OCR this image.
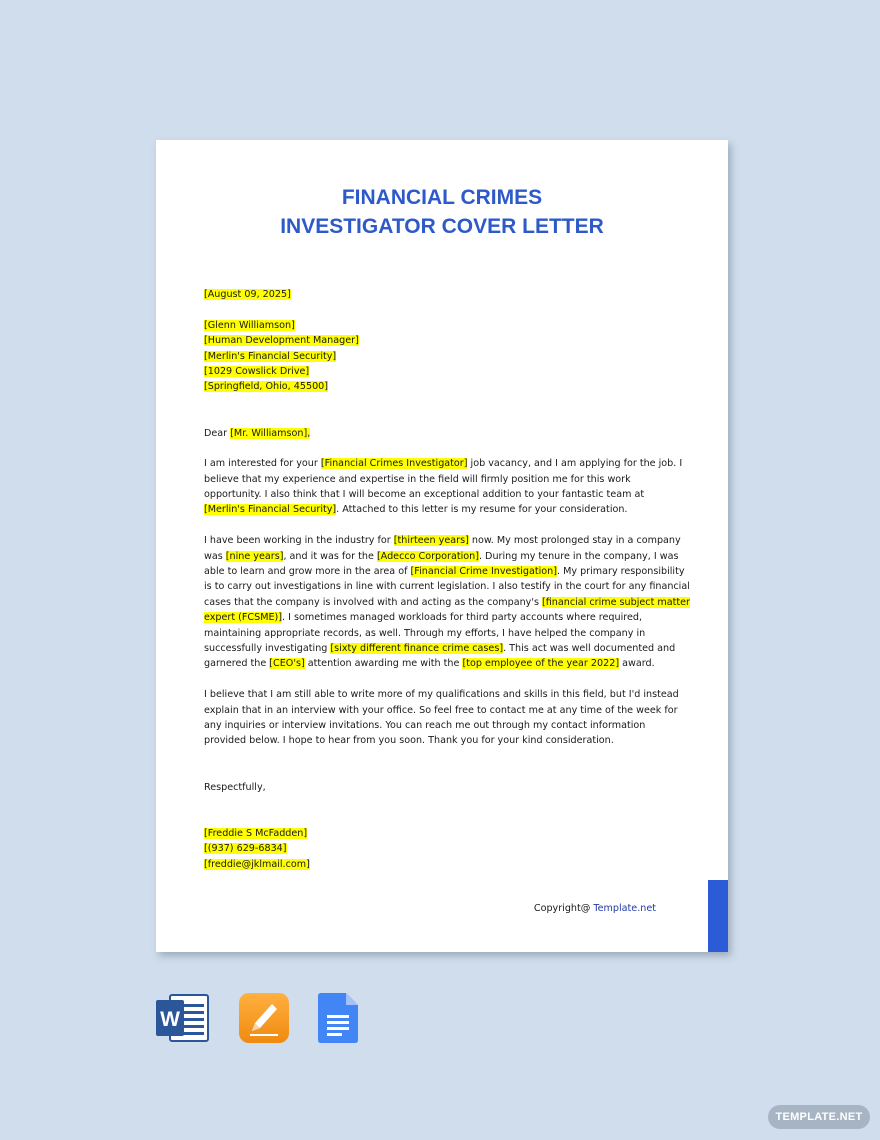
FINANCIAL CRIMES
INVESTIGATOR COVER LETTER
[August 09, 2025]
[Glenn Williamson]
[Human Development Manager]
[Merlin's Financial Security]
[1029 Cowslick Drive]
[Springfield, Ohio, 45500]
Dear [Mr. Williamson],
I am interested for your [Financial Crimes Investigator] job vacancy, and I am applying for the job. I
believe that my experience and expertise in the field will firmly position me for this work
opportunity. I also think that I will become an exceptional addition to your fantastic team at
[Merlin's Financial Security]. Attached to this letter is my resume for your consideration.
I have been working in the industry for [thirteen years] now. My most prolonged stay in a company
was [nine years], and it was for the [Adecco Corporation]. During my tenure in the company, I was
able to learn and grow more in the area of [Financial Crime Investigation]. My primary responsibility
is to carry out investigations in line with current legislation. I also testify in the court for any financial
cases that the company is involved with and acting as the company's [financial crime subject matter
expert (FCSME)]. I sometimes managed workloads for third party accounts where required,
maintaining appropriate records, as well. Through my efforts, I have helped the company in
successfully investigating [sixty different finance crime cases]. This act was well documented and
garnered the [CEO's] attention awarding me with the [top employee of the year 2022] award.
I believe that I am still able to write more of my qualifications and skills in this field, but I'd instead
explain that in an interview with your office. So feel free to contact me at any time of the week for
any inquiries or interview invitations. You can reach me out through my contact information
provided below. I hope to hear from you soon. Thank you for your kind consideration.
Respectfully,
[Freddie S McFadden]
[(937) 629-6834]
[freddie@jklmail.com]
Copyright@ Template.net
W
TEMPLATE.NET
